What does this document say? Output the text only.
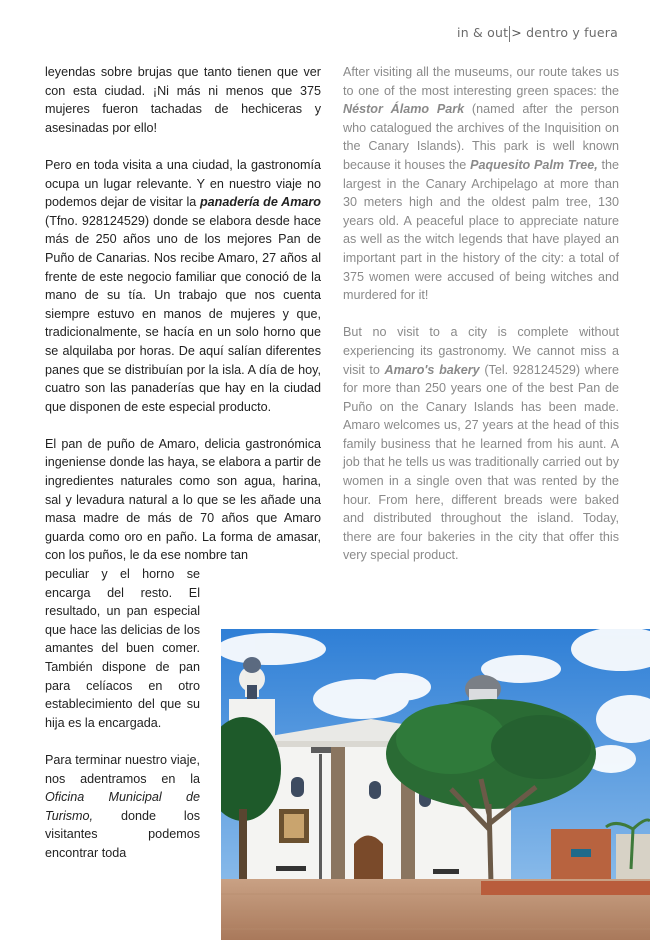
in & out > dentro y fuera

leyendas sobre brujas que tanto tienen que ver con esta ciudad. ¡Ni más ni menos que 375 mujeres fueron tachadas de hechiceras y asesinadas por ello!

Pero en toda visita a una ciudad, la gastronomía ocupa un lugar relevante. Y en nuestro viaje no podemos dejar de visitar la panadería de Amaro (Tfno. 928124529) donde se elabora desde hace más de 250 años uno de los mejores Pan de Puño de Canarias. Nos recibe Amaro, 27 años al frente de este negocio familiar que conoció de la mano de su tía. Un trabajo que nos cuenta siempre estuvo en manos de mujeres y que, tradicionalmente, se hacía en un solo horno que se alquilaba por horas. De aquí salían diferentes panes que se distribuían por la isla. A día de hoy, cuatro son las panaderías que hay en la ciudad que disponen de este especial producto.

El pan de puño de Amaro, delicia gastronómica ingeniense donde las haya, se elabora a partir de ingredientes naturales como son agua, harina, sal y levadura natural a lo que se les añade una masa madre de más de 70 años que Amaro guarda como oro en paño. La forma de amasar, con los puños, le da ese nombre tan

peculiar y el horno se encarga del resto. El resultado, un pan especial que hace las delicias de los amantes del buen comer. También dispone de pan para celíacos en otro establecimiento del que su hija es la encargada.

Para terminar nuestro viaje, nos adentramos en la Oficina Municipal de Turismo, donde los visitantes podemos encontrar toda

After visiting all the museums, our route takes us to one of the most interesting green spaces: the Néstor Álamo Park (named after the person who catalogued the archives of the Inquisition on the Canary Islands). This park is well known because it houses the Paquesito Palm Tree, the largest in the Canary Archipelago at more than 30 meters high and the oldest palm tree, 130 years old. A peaceful place to appreciate nature as well as the witch legends that have played an important part in the history of the city: a total of 375 women were accused of being witches and murdered for it!

But no visit to a city is complete without experiencing its gastronomy. We cannot miss a visit to Amaro's bakery (Tel. 928124529) where for more than 250 years one of the best Pan de Puño on the Canary Islands has been made. Amaro welcomes us, 27 years at the head of this family business that he learned from his aunt. A job that he tells us was traditionally carried out by women in a single oven that was rented by the hour. From here, different breads were baked and distributed throughout the island. Today, there are four bakeries in the city that offer this very special product.
